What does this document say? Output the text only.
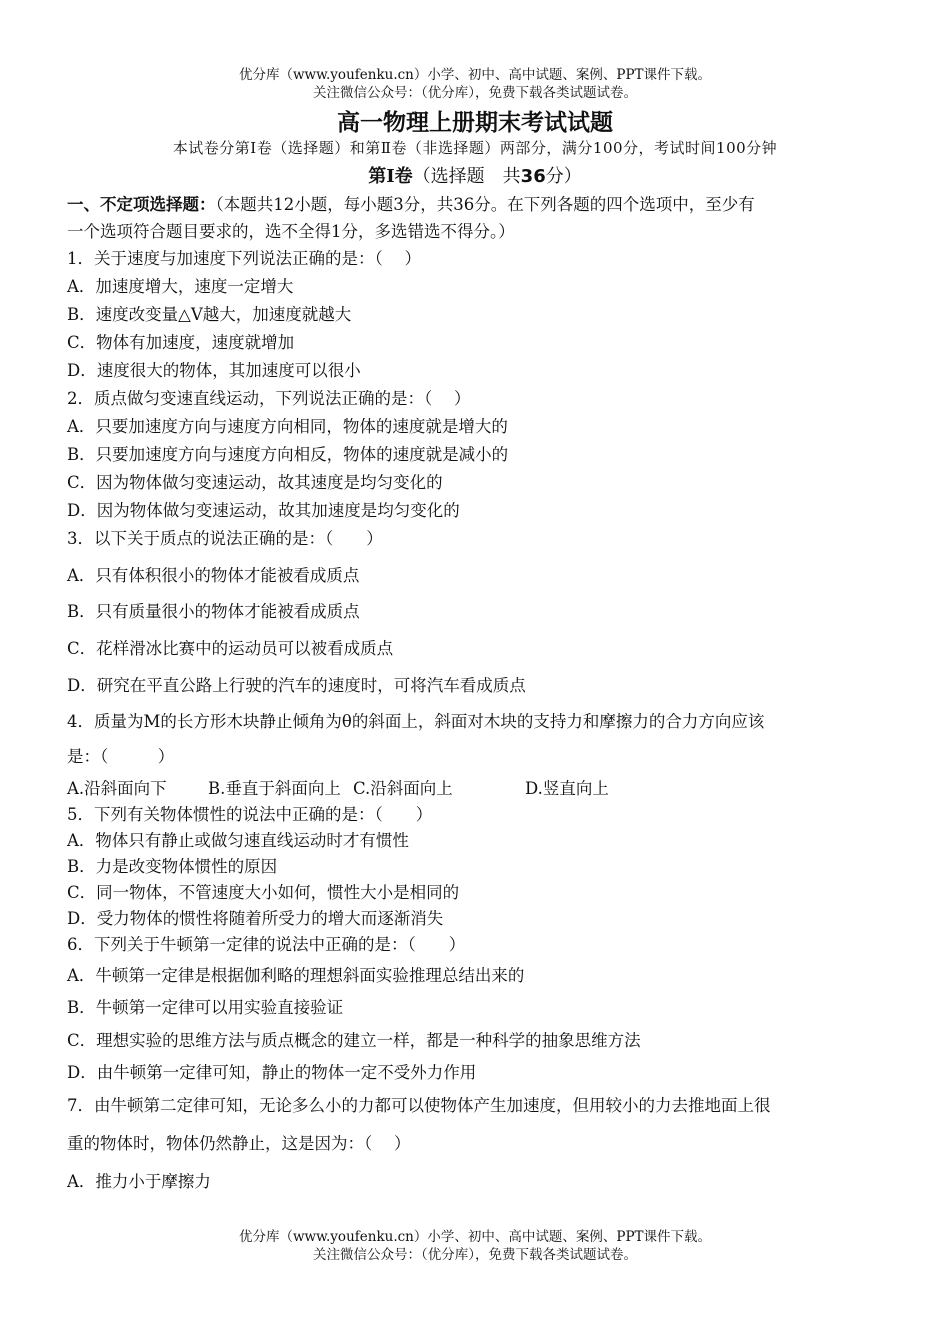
优分库（www.youfenku.cn）小学、初中、高中试题、案例、PPT课件下载。
关注微信公众号：（优分库），免费下载各类试题试卷。
高一物理上册期末考试试题
本试卷分第Ⅰ卷（选择题）和第Ⅱ卷（非选择题）两部分，满分100分，考试时间100分钟
第Ⅰ卷（选择题　共36分）
一、不定项选择题：（本题共12小题，每小题3分，共36分。在下列各题的四个选项中，至少有
一个选项符合题目要求的，选不全得1分，多选错选不得分。）
1．关于速度与加速度下列说法正确的是：（　 ）
A．加速度增大，速度一定增大
B．速度改变量△V越大，加速度就越大
C．物体有加速度，速度就增加
D．速度很大的物体，其加速度可以很小
2．质点做匀变速直线运动，下列说法正确的是：（　 ）
A．只要加速度方向与速度方向相同，物体的速度就是增大的
B．只要加速度方向与速度方向相反，物体的速度就是减小的
C．因为物体做匀变速运动，故其速度是均匀变化的
D．因为物体做匀变速运动，故其加速度是均匀变化的
3．以下关于质点的说法正确的是：（　　）
A．只有体积很小的物体才能被看成质点
B．只有质量很小的物体才能被看成质点
C．花样滑冰比赛中的运动员可以被看成质点
D．研究在平直公路上行驶的汽车的速度时，可将汽车看成质点
4．质量为M的长方形木块静止倾角为θ的斜面上，斜面对木块的支持力和摩擦力的合力方向应该
是：（　　　）
A.沿斜面向下	B.垂直于斜面向上 C.沿斜面向上	D.竖直向上
5．下列有关物体惯性的说法中正确的是：（　　）
A．物体只有静止或做匀速直线运动时才有惯性
B．力是改变物体惯性的原因
C．同一物体，不管速度大小如何，惯性大小是相同的
D．受力物体的惯性将随着所受力的增大而逐渐消失
6．下列关于牛顿第一定律的说法中正确的是：（　　）
A．牛顿第一定律是根据伽利略的理想斜面实验推理总结出来的
B．牛顿第一定律可以用实验直接验证
C．理想实验的思维方法与质点概念的建立一样，都是一种科学的抽象思维方法
D．由牛顿第一定律可知，静止的物体一定不受外力作用
7．由牛顿第二定律可知，无论多么小的力都可以使物体产生加速度，但用较小的力去推地面上很
重的物体时，物体仍然静止，这是因为：（　 ）
A．推力小于摩擦力
优分库（www.youfenku.cn）小学、初中、高中试题、案例、PPT课件下载。
关注微信公众号：（优分库），免费下载各类试题试卷。
